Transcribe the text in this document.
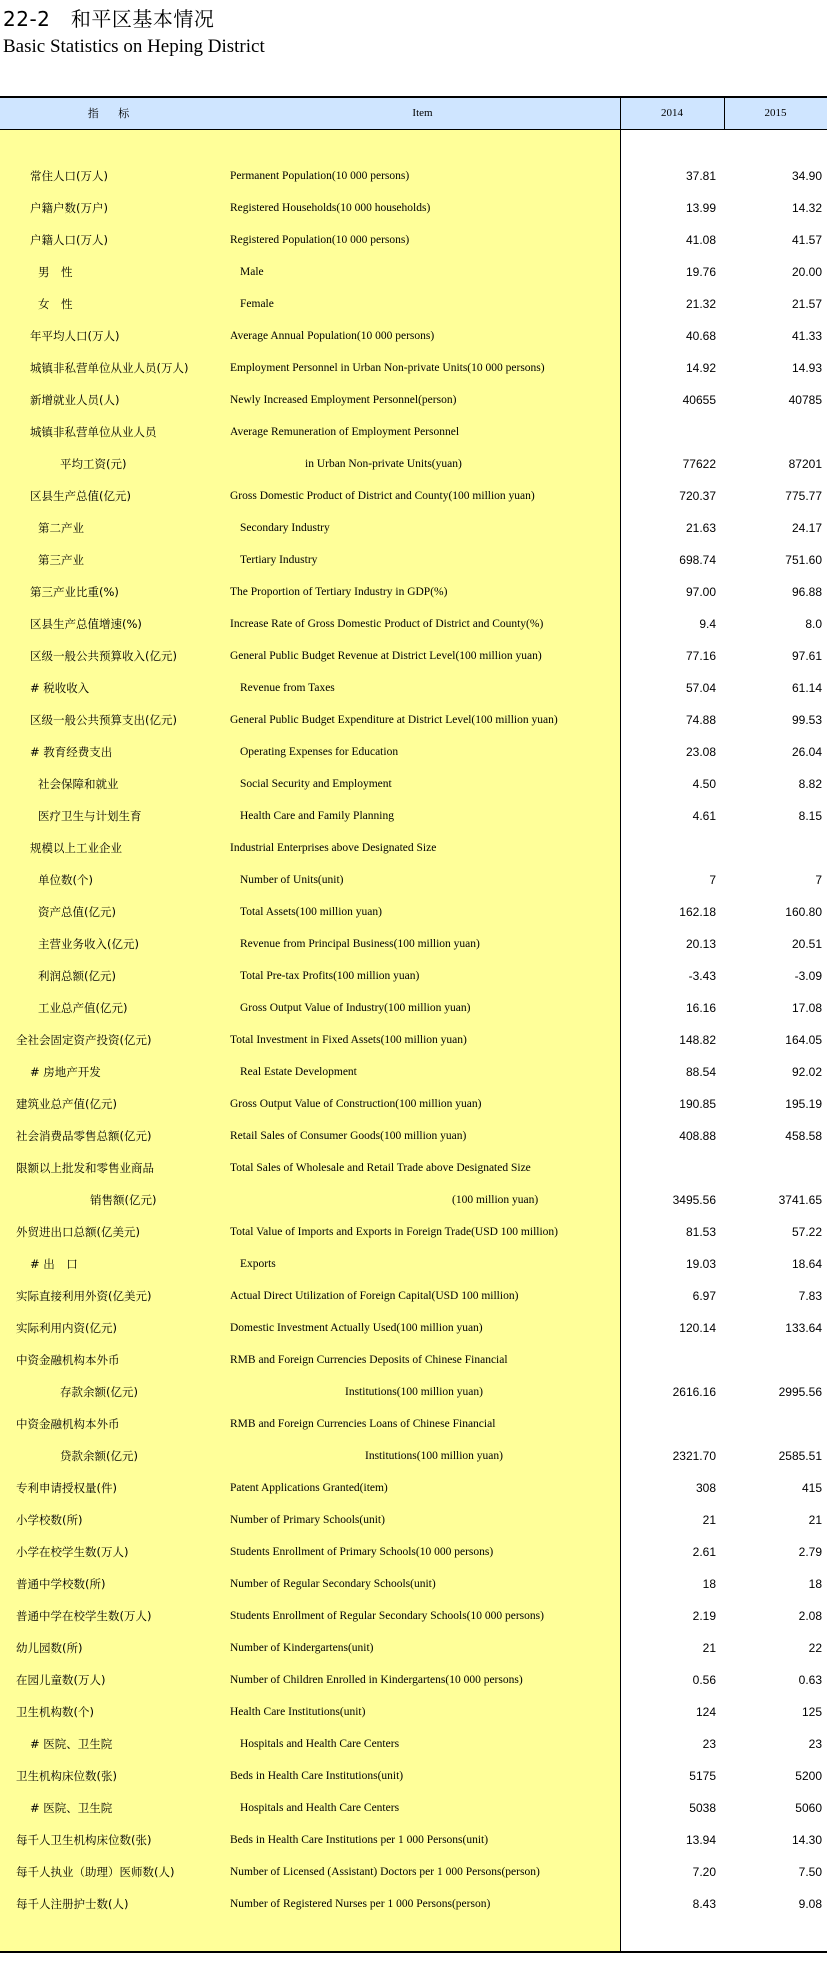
22-2　和平区基本情况
Basic Statistics on Heping District
指 标	Item	2014	2015
常住人口(万人)	Permanent Population(10 000 persons)	37.81	34.90
户籍户数(万户)	Registered Households(10 000 households)	13.99	14.32
户籍人口(万人)	Registered Population(10 000 persons)	41.08	41.57
男　性	Male	19.76	20.00
女　性	Female	21.32	21.57
年平均人口(万人)	Average Annual Population(10 000 persons)	40.68	41.33
城镇非私营单位从业人员(万人)	Employment Personnel in Urban Non-private Units(10 000 persons)	14.92	14.93
新增就业人员(人)	Newly Increased Employment Personnel(person)	40655	40785
城镇非私营单位从业人员	Average Remuneration of Employment Personnel
平均工资(元)	in Urban Non-private Units(yuan)	77622	87201
区县生产总值(亿元)	Gross Domestic Product of District and County(100 million yuan)	720.37	775.77
第二产业	Secondary Industry	21.63	24.17
第三产业	Tertiary Industry	698.74	751.60
第三产业比重(%)	The Proportion of Tertiary Industry in GDP(%)	97.00	96.88
区县生产总值增速(%)	Increase Rate of Gross Domestic Product of District and County(%)	9.4	8.0
区级一般公共预算收入(亿元)	General Public Budget Revenue at District Level(100 million yuan)	77.16	97.61
# 税收收入	Revenue from Taxes	57.04	61.14
区级一般公共预算支出(亿元)	General Public Budget Expenditure at District Level(100 million yuan)	74.88	99.53
# 教育经费支出	Operating Expenses for Education	23.08	26.04
社会保障和就业	Social Security and Employment	4.50	8.82
医疗卫生与计划生育	Health Care and Family Planning	4.61	8.15
规模以上工业企业	Industrial Enterprises above Designated Size
单位数(个)	Number of Units(unit)	7	7
资产总值(亿元)	Total Assets(100 million yuan)	162.18	160.80
主营业务收入(亿元)	Revenue from Principal Business(100 million yuan)	20.13	20.51
利润总额(亿元)	Total Pre-tax Profits(100 million yuan)	-3.43	-3.09
工业总产值(亿元)	Gross Output Value of Industry(100 million yuan)	16.16	17.08
全社会固定资产投资(亿元)	Total Investment in Fixed Assets(100 million yuan)	148.82	164.05
# 房地产开发	Real Estate Development	88.54	92.02
建筑业总产值(亿元)	Gross Output Value of Construction(100 million yuan)	190.85	195.19
社会消费品零售总额(亿元)	Retail Sales of Consumer Goods(100 million yuan)	408.88	458.58
限额以上批发和零售业商品	Total Sales of Wholesale and Retail Trade above Designated Size
销售额(亿元)	(100 million yuan)	3495.56	3741.65
外贸进出口总额(亿美元)	Total Value of Imports and Exports in Foreign Trade(USD 100 million)	81.53	57.22
# 出　口	Exports	19.03	18.64
实际直接利用外资(亿美元)	Actual Direct Utilization of Foreign Capital(USD 100 million)	6.97	7.83
实际利用内资(亿元)	Domestic Investment Actually Used(100 million yuan)	120.14	133.64
中资金融机构本外币	RMB and Foreign Currencies Deposits of Chinese Financial
存款余额(亿元)	Institutions(100 million yuan)	2616.16	2995.56
中资金融机构本外币	RMB and Foreign Currencies Loans of Chinese Financial
贷款余额(亿元)	Institutions(100 million yuan)	2321.70	2585.51
专利申请授权量(件)	Patent Applications Granted(item)	308	415
小学校数(所)	Number of Primary Schools(unit)	21	21
小学在校学生数(万人)	Students Enrollment of Primary Schools(10 000 persons)	2.61	2.79
普通中学校数(所)	Number of Regular Secondary Schools(unit)	18	18
普通中学在校学生数(万人)	Students Enrollment of Regular Secondary Schools(10 000 persons)	2.19	2.08
幼儿园数(所)	Number of Kindergartens(unit)	21	22
在园儿童数(万人)	Number of Children Enrolled in Kindergartens(10 000 persons)	0.56	0.63
卫生机构数(个)	Health Care Institutions(unit)	124	125
# 医院、卫生院	Hospitals and Health Care Centers	23	23
卫生机构床位数(张)	Beds in Health Care Institutions(unit)	5175	5200
# 医院、卫生院	Hospitals and Health Care Centers	5038	5060
每千人卫生机构床位数(张)	Beds in Health Care Institutions per 1 000 Persons(unit)	13.94	14.30
每千人执业（助理）医师数(人)	Number of Licensed (Assistant) Doctors per 1 000 Persons(person)	7.20	7.50
每千人注册护士数(人)	Number of Registered Nurses per 1 000 Persons(person)	8.43	9.08
